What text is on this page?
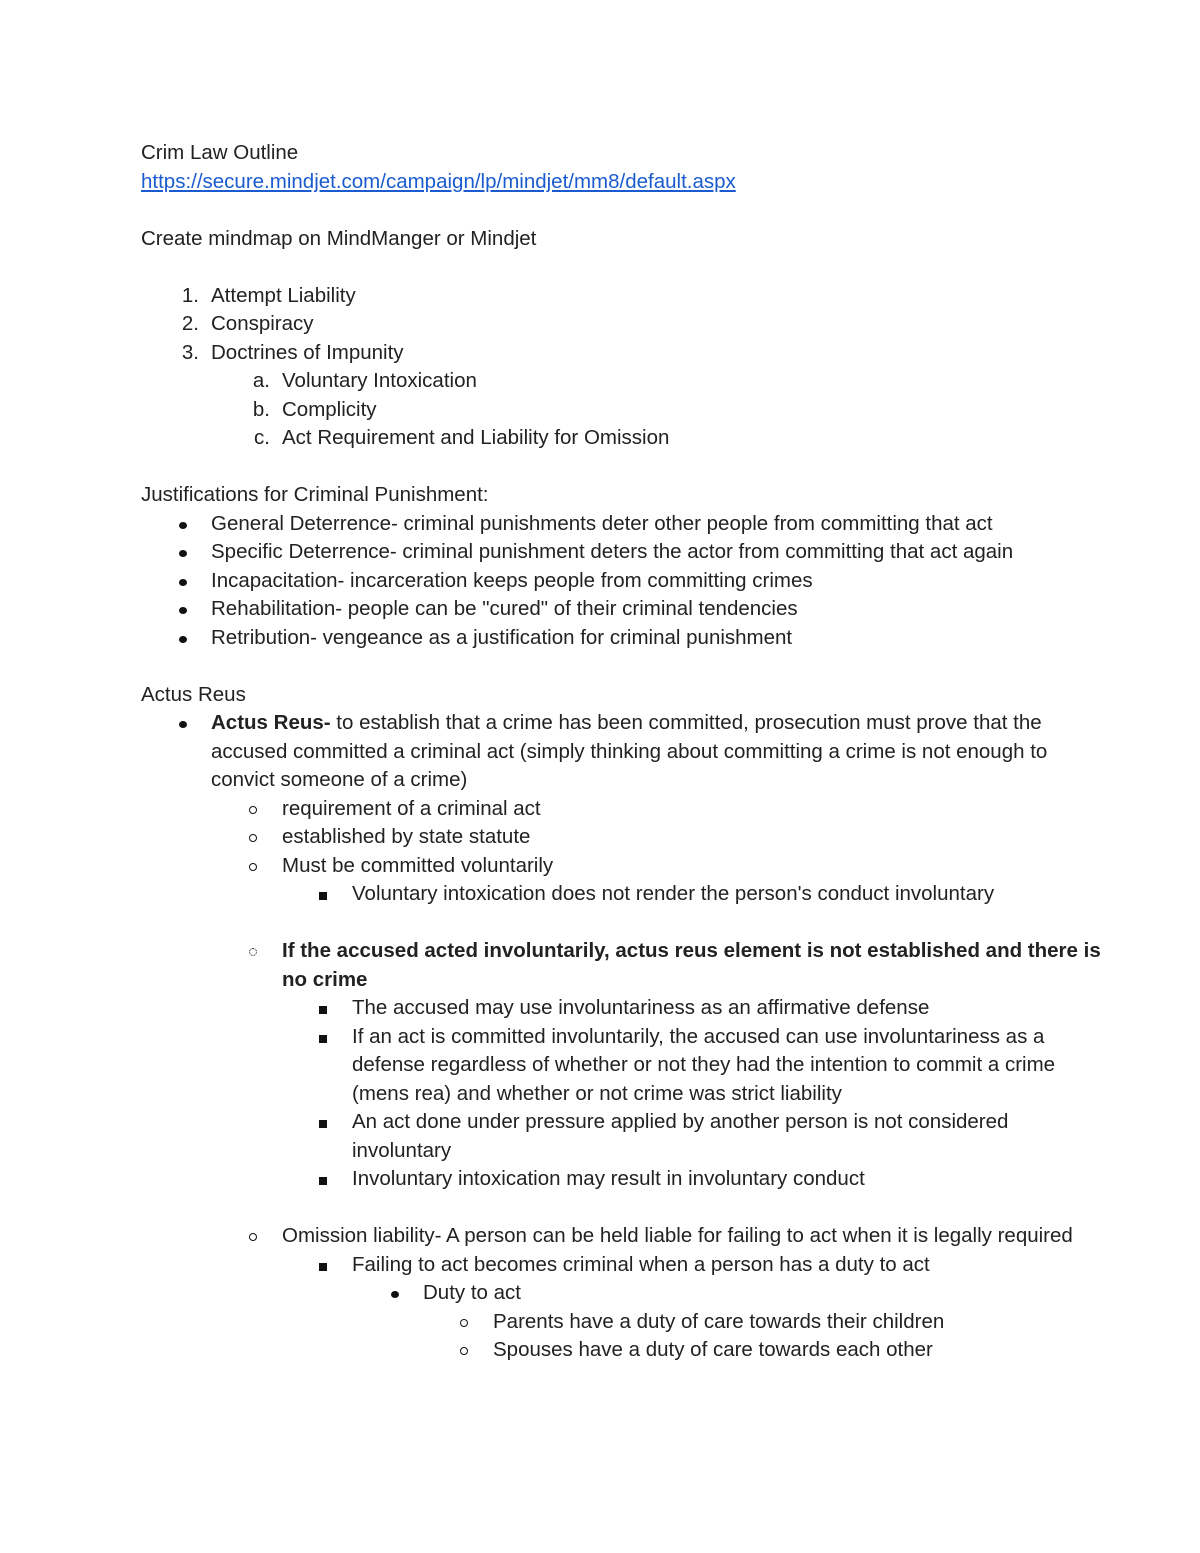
Crim Law Outline

https://secure.mindjet.com/campaign/lp/mindjet/mm8/default.aspx

Create mindmap on MindManger or Mindjet

1. Attempt Liability
2. Conspiracy
3. Doctrines of Impunity
a. Voluntary Intoxication
b. Complicity
c. Act Requirement and Liability for Omission

Justifications for Criminal Punishment:

General Deterrence- criminal punishments deter other people from committing that act
Specific Deterrence- criminal punishment deters the actor from committing that act again
Incapacitation- incarceration keeps people from committing crimes
Rehabilitation- people can be "cured" of their criminal tendencies
Retribution- vengeance as a justification for criminal punishment

Actus Reus

Actus Reus- to establish that a crime has been committed, prosecution must prove that the accused committed a criminal act (simply thinking about committing a crime is not enough to convict someone of a crime)
requirement of a criminal act
established by state statute
Must be committed voluntarily
Voluntary intoxication does not render the person's conduct involuntary
If the accused acted involuntarily, actus reus element is not established and there is no crime
The accused may use involuntariness as an affirmative defense
If an act is committed involuntarily, the accused can use involuntariness as a defense regardless of whether or not they had the intention to commit a crime (mens rea) and whether or not crime was strict liability
An act done under pressure applied by another person is not considered involuntary
Involuntary intoxication may result in involuntary conduct
Omission liability- A person can be held liable for failing to act when it is legally required
Failing to act becomes criminal when a person has a duty to act
Duty to act
Parents have a duty of care towards their children
Spouses have a duty of care towards each other
